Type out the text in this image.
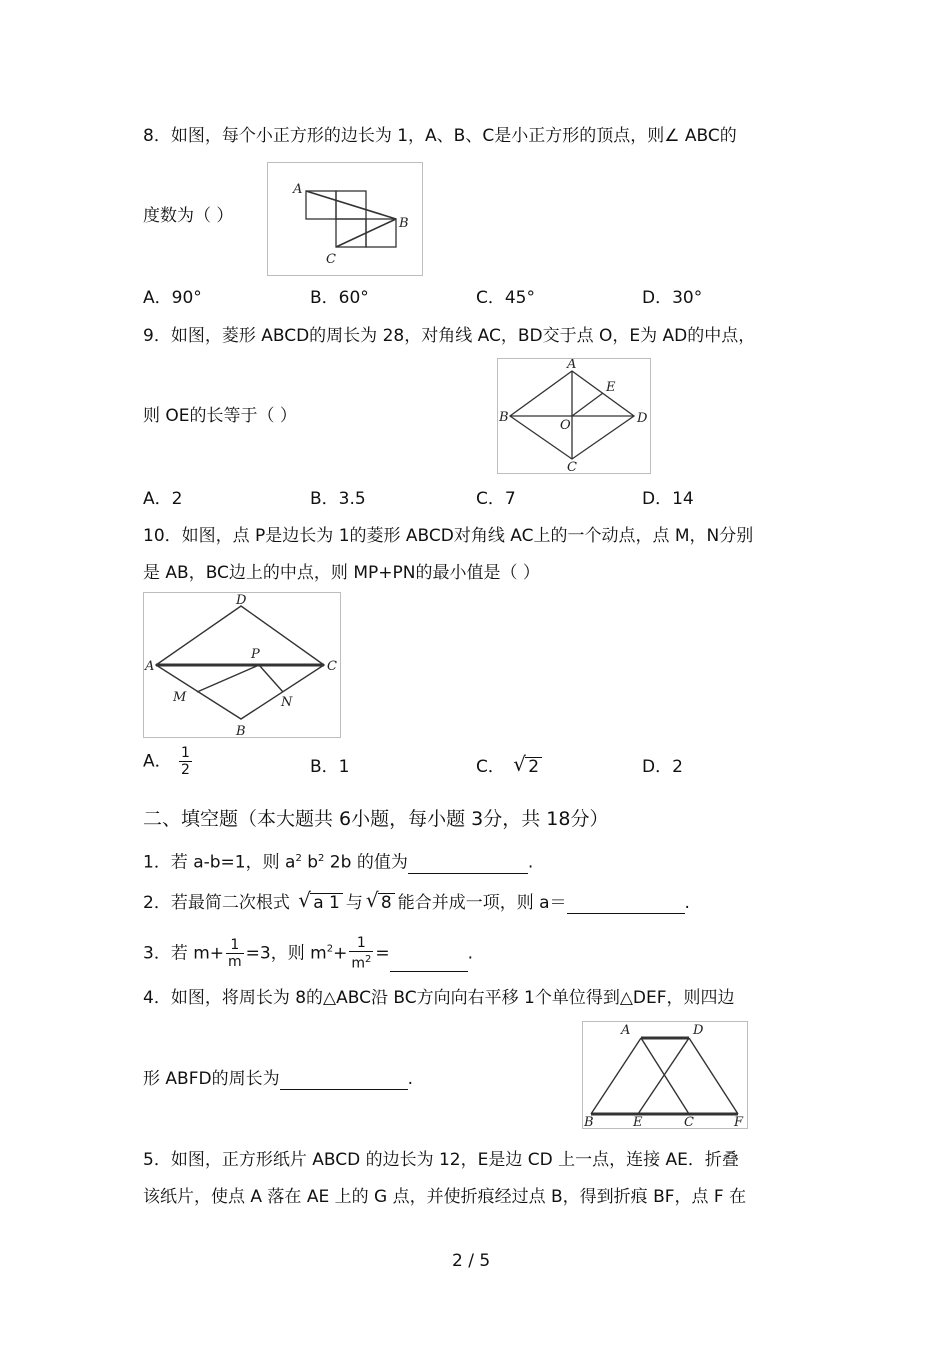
8．如图，每个小正方形的边长为 1，A、B、C是小正方形的顶点，则∠ ABC的
度数为（ ）
A
B
C
A．90°	B．60°	C．45°	D．30°
9．如图，菱形 ABCD的周长为 28，对角线 AC，BD交于点 O，E为 AD的中点，
则 OE的长等于（ ）
A
B
C
D
E
O
A．2	B．3.5	C．7	D．14
10．如图，点 P是边长为 1的菱形 ABCD对角线 AC上的一个动点，点 M，N分别
是 AB，BC边上的中点，则 MP+PN的最小值是（ ）
D
A	C
B
P
M	N
A． $\frac{1}{2}$	B．1	C． √ 2	D．2
二、填空题（本大题共 6小题，每小题 3分，共 18分）
1．若 a-b=1，则 $a^2$ $b^2$ 2b 的值为	.
2．若最简二次根式 √ a 1 与 √ 8 能合并成一项，则 a＝	.
3．若 $m+ \frac{1}{m} =3$，则 $m^2+ \frac{1}{m^2}$ =	.
4．如图，将周长为 8的△ABC沿 BC方向向右平移 1个单位得到△DEF，则四边
形 ABFD的周长为	.
A	D
B	E	C	F
5．如图，正方形纸片 ABCD 的边长为 12，E是边 CD 上一点，连接 AE．折叠
该纸片，使点 A 落在 AE 上的 G 点，并使折痕经过点 B，得到折痕 BF，点 F 在
2 / 5
